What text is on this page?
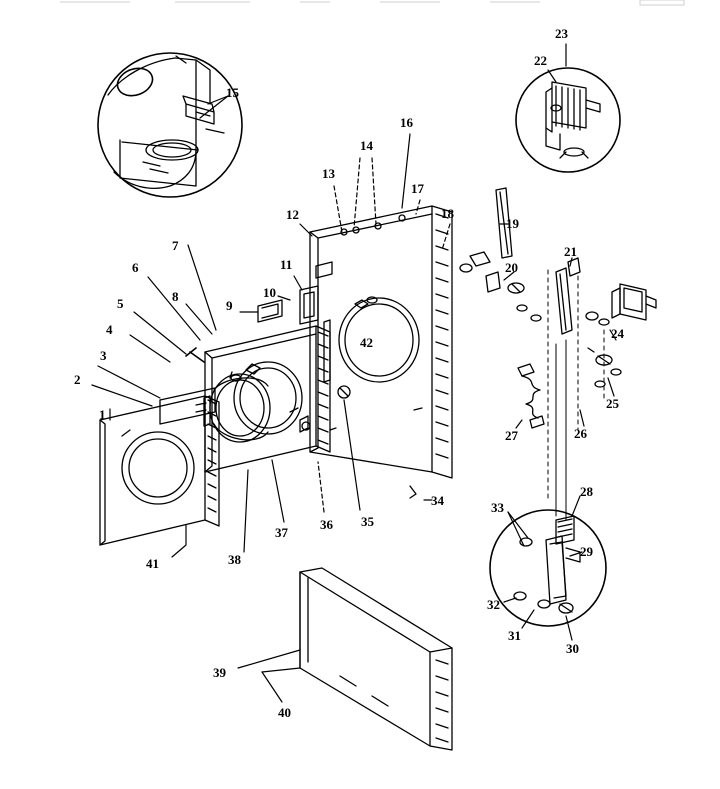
15
23
22
16
14
13
17
18
19
12
20
21
7
11
6
10
9
8
5
24
4
42
3
25
2
27	26
1
34
35
36
37
33
28
29
38
41
32
31
30
39
40
